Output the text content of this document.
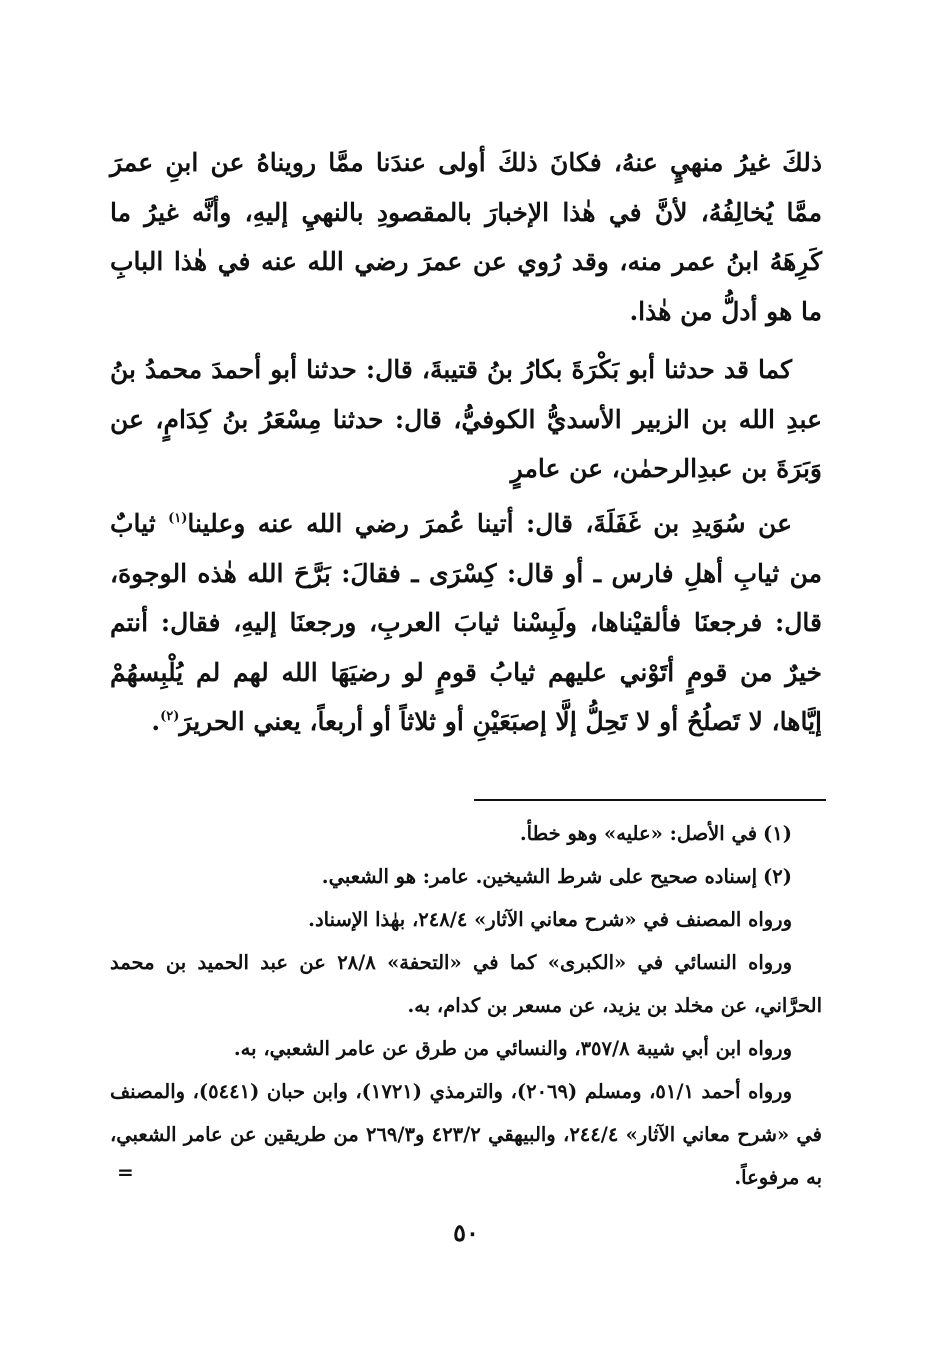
ذلكَ غيرُ منهيٍ عنهُ، فكانَ ذلكَ أولى عندَنا ممَّا رويناهُ عن ابنِ عمرَ ممَّا يُخالِفُهُ، لأنَّ في هٰذا الإخبارَ بالمقصودِ بالنهيِ إليهِ، وأنَّه غيرُ ما كَرِهَهُ ابنُ عمر منه، وقد رُوي عن عمرَ رضي الله عنه في هٰذا البابِ ما هو أدلُّ من هٰذا.

كما قد حدثنا أبو بَكْرَةَ بكارُ بنُ قتيبةَ، قال: حدثنا أبو أحمدَ محمدُ بنُ عبدِ الله بن الزبير الأسديُّ الكوفيُّ، قال: حدثنا مِسْعَرُ بنُ كِدَامٍ، عن وَبَرَةَ بن عبدِالرحمٰن، عن عامرٍ

عن سُوَيدِ بن غَفَلَةَ، قال: أتينا عُمرَ رضي الله عنه وعلينا$^{(١)}$ ثيابٌ من ثيابِ أهلِ فارس ـ أو قال: كِسْرَى ـ فقالَ: بَرَّحَ الله هٰذه الوجوهَ، قال: فرجعنَا فألقيْناها، ولَبِسْنا ثيابَ العربِ، ورجعنَا إليهِ، فقال: أنتم خيرٌ من قومٍ أتَوْني عليهم ثيابُ قومٍ لو رضيَهَا الله لهم لم يُلْبِسهُمْ إيَّاها، لا تَصلُحُ أو لا تَحِلُّ إلَّا إصبَعَيْنِ أو ثلاثاً أو أربعاً، يعني الحريرَ$^{(٢)}$.

(١)في الأصل: «عليه» وهو خطأ.

(٢)إسناده صحيح على شرط الشيخين. عامر: هو الشعبي.

ورواه المصنف في «شرح معاني الآثار» ٢٤٨/٤، بهٰذا الإسناد.

ورواه النسائي في «الكبرى» كما في «التحفة» ٢٨/٨ عن عبد الحميد بن محمد الحرَّاني، عن مخلد بن يزيد، عن مسعر بن كدام، به.

ورواه ابن أبي شيبة ٣٥٧/٨، والنسائي من طرق عن عامر الشعبي، به.

ورواه أحمد ٥١/١، ومسلم (٢٠٦٩)، والترمذي (١٧٢١)، وابن حبان (٥٤٤١)، والمصنف في «شرح معاني الآثار» ٢٤٤/٤، والبيهقي ٤٢٣/٢ و٢٦٩/٣ من طريقين عن عامر الشعبي، به مرفوعاً.

=
٥٠
